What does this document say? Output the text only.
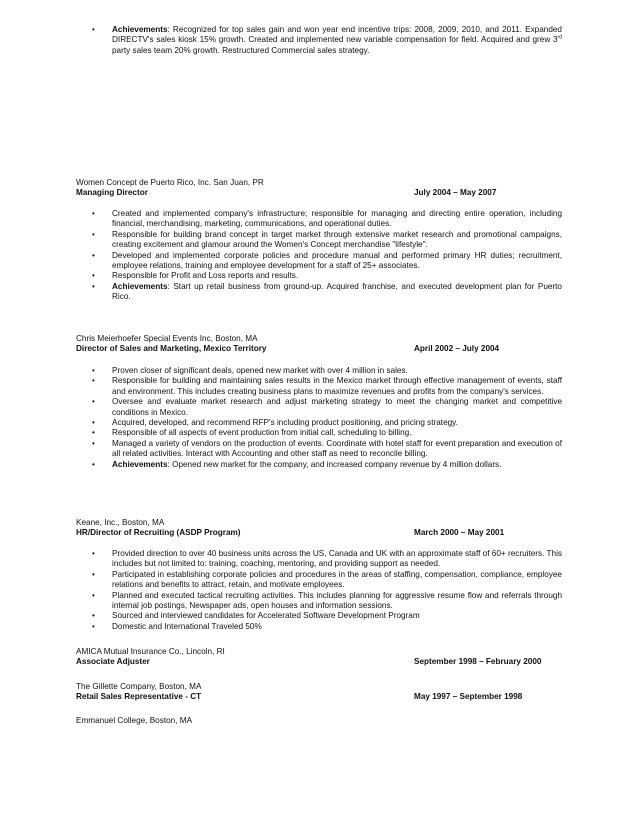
• Achievements: Recognized for top sales gain and won year end incentive trips: 2008, 2009, 2010, and 2011. Expanded DIRECTV's sales kiosk 15% growth. Created and implemented new variable compensation for field. Acquired and grew 3rd party sales team 20% growth. Restructured Commercial sales strategy.

Women Concept de Puerto Rico, Inc. San Juan, PR

Managing Director	July 2004 – May 2007

• Created and implemented company's infrastructure; responsible for managing and directing entire operation, including financial, merchandising, marketing, communications, and operational duties.

• Responsible for building brand concept in target market through extensive market research and promotional campaigns, creating excitement and glamour around the Women's Concept merchandise "lifestyle".

• Developed and implemented corporate policies and procedure manual and performed primary HR duties; recruitment, employee relations, training and employee development for a staff of 25+ associates.

• Responsible for Profit and Loss reports and results.

• Achievements: Start up retail business from ground-up. Acquired franchise, and executed development plan for Puerto Rico.

Chris Meierhoefer Special Events Inc, Boston, MA

Director of Sales and Marketing, Mexico Territory	April 2002 – July 2004

• Proven closer of significant deals, opened new market with over 4 million in sales.

• Responsible for building and maintaining sales results in the Mexico market through effective management of events, staff and environment. This includes creating business plans to maximize revenues and profits from the company's services.

• Oversee and evaluate market research and adjust marketing strategy to meet the changing market and competitive conditions in Mexico.

• Acquired, developed, and recommend RFP's including product positioning, and pricing strategy.

• Responsible of all aspects of event production from initial call, scheduling to billing.

• Managed a variety of vendors on the production of events. Coordinate with hotel staff for event preparation and execution of all related activities. Interact with Accounting and other staff as need to reconcile billing.

• Achievements: Opened new market for the company, and increased company revenue by 4 million dollars.

Keane, Inc., Boston, MA

HR/Director of Recruiting (ASDP Program)	March 2000 – May 2001

• Provided direction to over 40 business units across the US, Canada and UK with an approximate staff of 60+ recruiters. This includes but not limited to: training, coaching, mentoring, and providing support as needed.

• Participated in establishing corporate policies and procedures in the areas of staffing, compensation, compliance, employee relations and benefits to attract, retain, and motivate employees.

• Planned and executed tactical recruiting activities. This includes planning for aggressive resume flow and referrals through internal job postings, Newspaper ads, open houses and information sessions.

• Sourced and interviewed candidates for Accelerated Software Development Program

• Domestic and International Traveled 50%

AMICA Mutual Insurance Co., Lincoln, RI

Associate Adjuster	September 1998 – February 2000

The Gillette Company, Boston, MA

Retail Sales Representative - CT	May 1997 – September 1998

Emmanuel College, Boston, MA
